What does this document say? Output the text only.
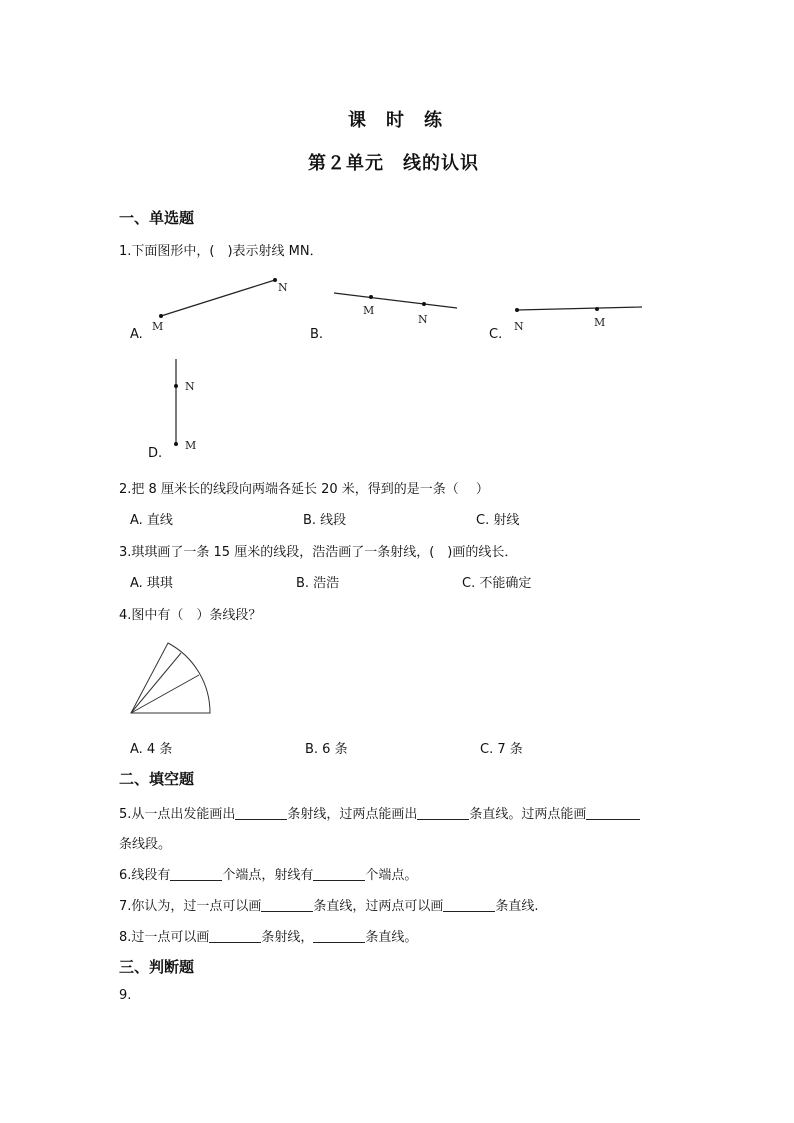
课　时　练
第２单元　线的认识
一、单选题
1.下面图形中，(　)表示射线 MN．
A.	B.	C.
D.
M
N
M
N
N	M
N
M
2.把 8 厘米长的线段向两端各延长 20 米，得到的是一条（　 ）
A. 直线	B. 线段	C. 射线
3.琪琪画了一条 15 厘米的线段，浩浩画了一条射线，(　)画的线长．
A. 琪琪	B. 浩浩	C. 不能确定
4.图中有（　）条线段？
A. 4 条	B. 6 条	C. 7 条
二、填空题
5.从一点出发能画出	条射线，过两点能画出	条直线。过两点能画
条线段。
6.线段有	个端点，射线有	个端点。
7.你认为，过一点可以画	条直线，过两点可以画	条直线.
8.过一点可以画	条射线，	条直线。
三、判断题
9.
